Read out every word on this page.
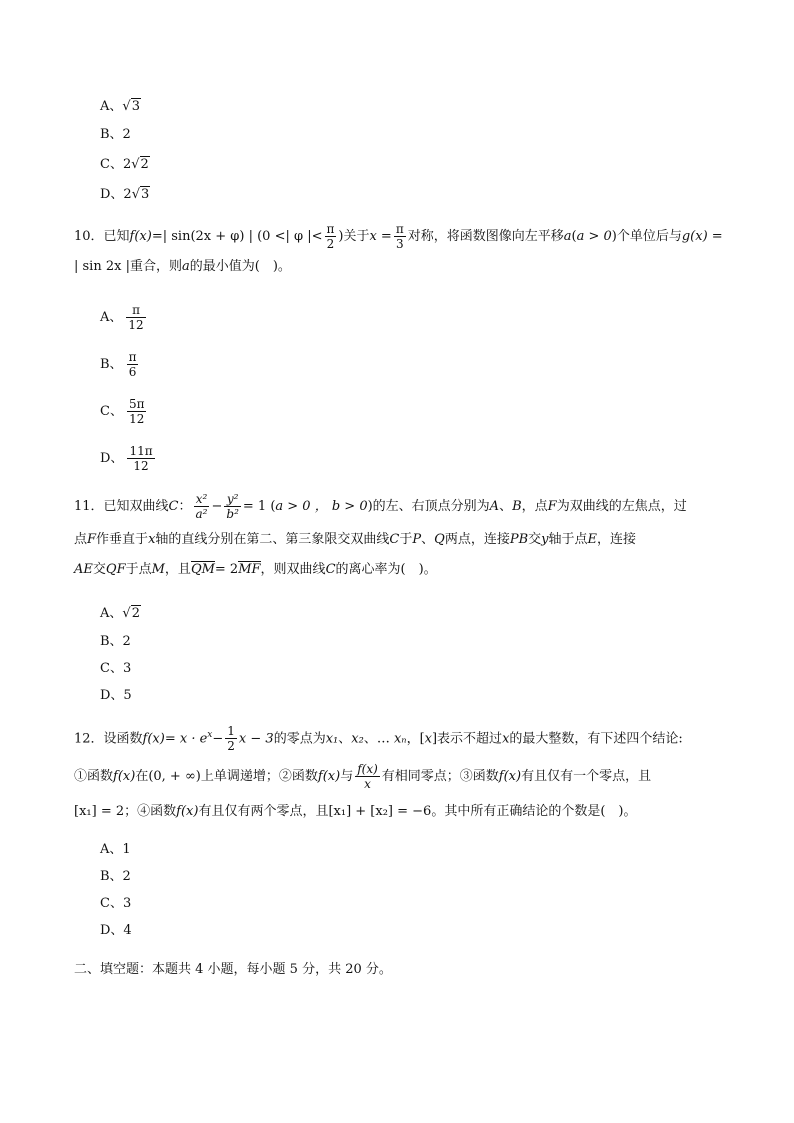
A、√3
B、2
C、2√2
D、2√3
10．已知f(x)=| sin(2x + φ) | (0 <| φ |< $\frac{\pi}{2}$ )关于$x = \frac{\pi}{3}$ 对称，将函数图像向左平移a(a > 0)个单位后与g(x) =
| sin 2x |重合，则a的最小值为(　)。
A、 $\frac{\pi}{12}$
B、 $\frac{\pi}{6}$
C、 $\frac{5\pi}{12}$
D、 $\frac{11\pi}{12}$
11．已知双曲线C： $\frac{\text{x²}}{\text{a²}} - \frac{\text{y²}}{\text{b²}} = 1$ (a > 0 ， b > 0)的左、右顶点分别为A、B，点F为双曲线的左焦点，过
点F作垂直于x轴的直线分别在第二、第三象限交双曲线C于P、Q两点，连接PB交y轴于点E，连接
AE交QF于点M，且QM= 2MF，则双曲线C的离心率为(　)。
A、√2
B、2
C、3
D、5
12．设函数$f(x)= x \cdot e^x- \frac{1}{2}$ x − 3的零点为x₁、x₂、… xₙ，[x]表示不超过x的最大整数，有下述四个结论:
①函数f(x)在(0, + ∞)上单调递增；②函数f(x)与 $\frac{f(x)}{x}$ 有相同零点；③函数f(x)有且仅有一个零点，且
[x₁] = 2；④函数f(x)有且仅有两个零点，且[x₁] + [x₂] = −6。其中所有正确结论的个数是(　)。
A、1
B、2
C、3
D、4
二、填空题：本题共 4 小题，每小题 5 分，共 20 分。
